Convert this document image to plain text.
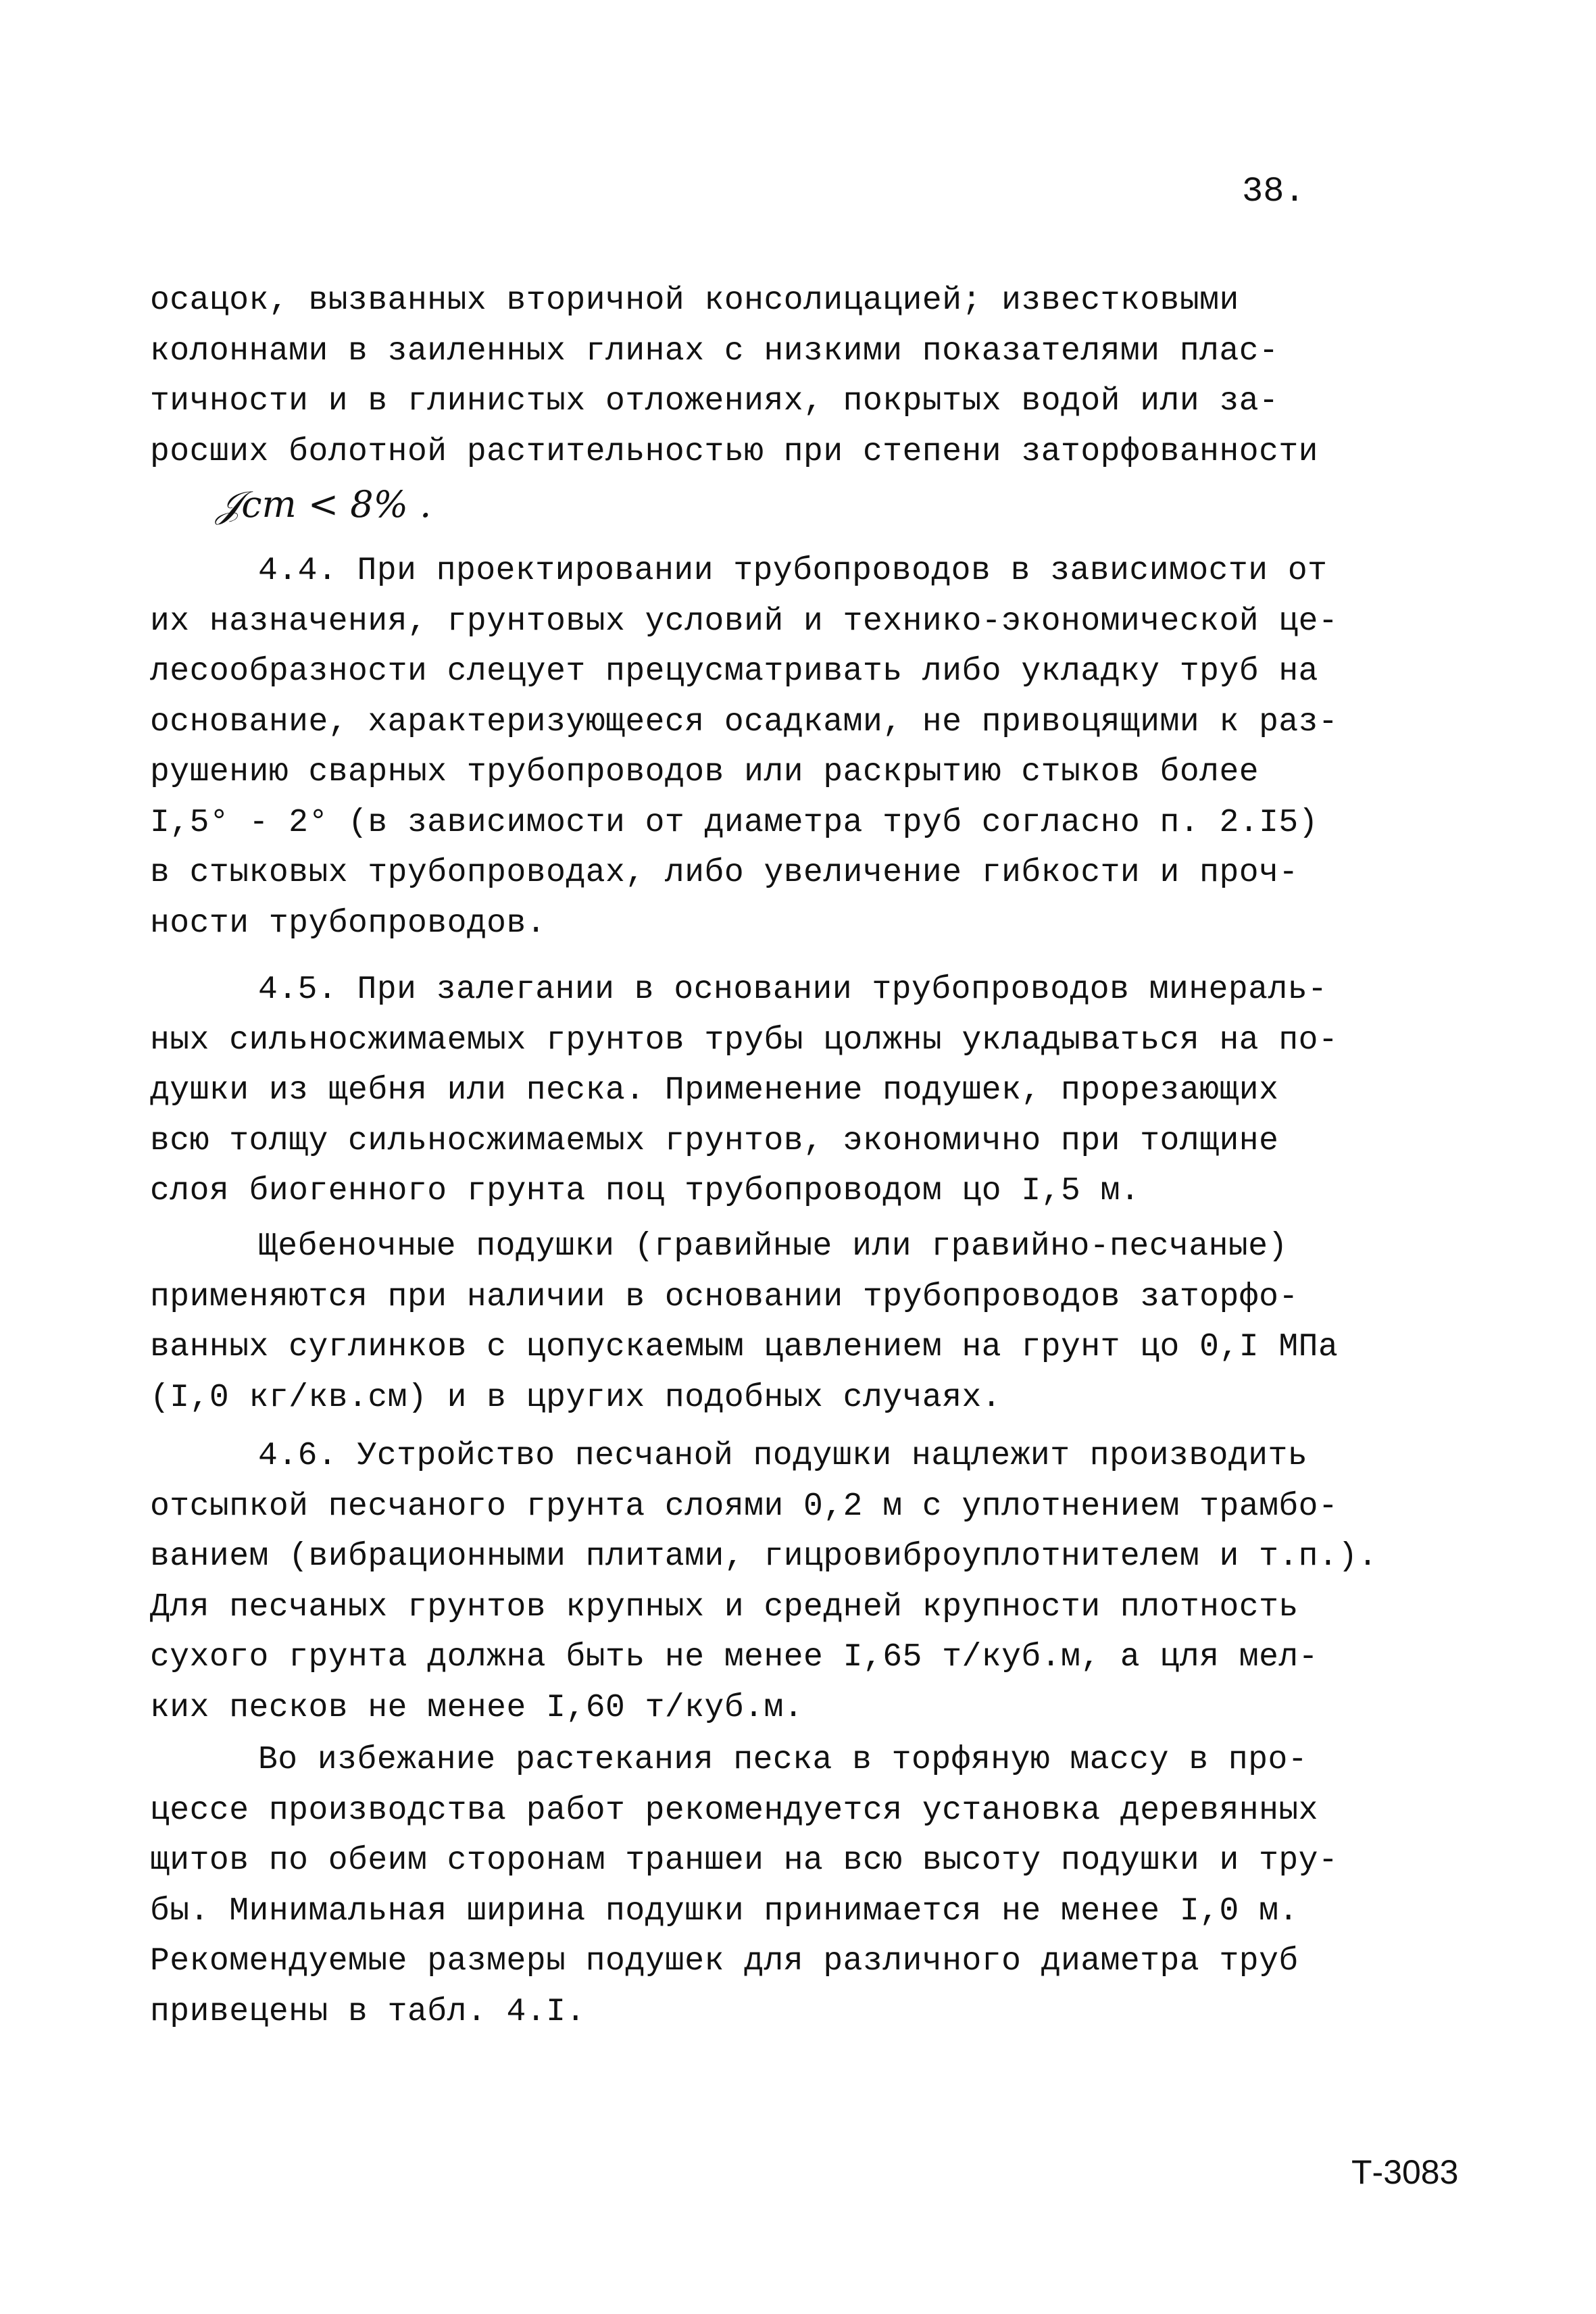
38.
осацок, вызванных вторичной консолицацией; известковыми
колоннами в заиленных глинах с низкими показателями плас-
тичности и в глинистых отложениях, покрытых водой или за-
росших болотной растительностью при степени заторфованности
𝒥ст < 8% .
4.4. При проектировании трубопроводов в зависимости от
их назначения, грунтовых условий и технико-экономической це-
лесообразности слецует прецусматривать либо укладку труб на
основание, характеризующееся осадками, не привоцящими к раз-
рушению сварных трубопроводов или раскрытию стыков более
I,5° - 2° (в зависимости от диаметра труб согласно п. 2.I5)
в стыковых трубопроводах, либо увеличение гибкости и проч-
ности трубопроводов.
4.5. При залегании в основании трубопроводов минераль-
ных сильносжимаемых грунтов трубы цолжны укладываться на по-
душки из щебня или песка. Применение подушек, прорезающих
всю толщу сильносжимаемых грунтов, экономично при толщине
слоя биогенного грунта поц трубопроводом цо I,5 м.
Щебеночные подушки (гравийные или гравийно-песчаные)
применяются при наличии в основании трубопроводов заторфо-
ванных суглинков с цопускаемым цавлением на грунт цо 0,I МПа
(I,0 кг/кв.см) и в цругих подобных случаях.
4.6. Устройство песчаной подушки нацлежит производить
отсыпкой песчаного грунта слоями 0,2 м с уплотнением трамбо-
ванием (вибрационными плитами, гицровиброуплотнителем и т.п.).
Для песчаных грунтов крупных и средней крупности плотность
сухого грунта должна быть не менее I,65 т/куб.м, а цля мел-
ких песков не менее I,60 т/куб.м.
Во избежание растекания песка в торфяную массу в про-
цессе производства работ рекомендуется установка деревянных
щитов по обеим сторонам траншеи на всю высоту подушки и тру-
бы. Минимальная ширина подушки принимается не менее I,0 м.
Рекомендуемые размеры подушек для различного диаметра труб
привецены в табл. 4.I.
Т-3083
